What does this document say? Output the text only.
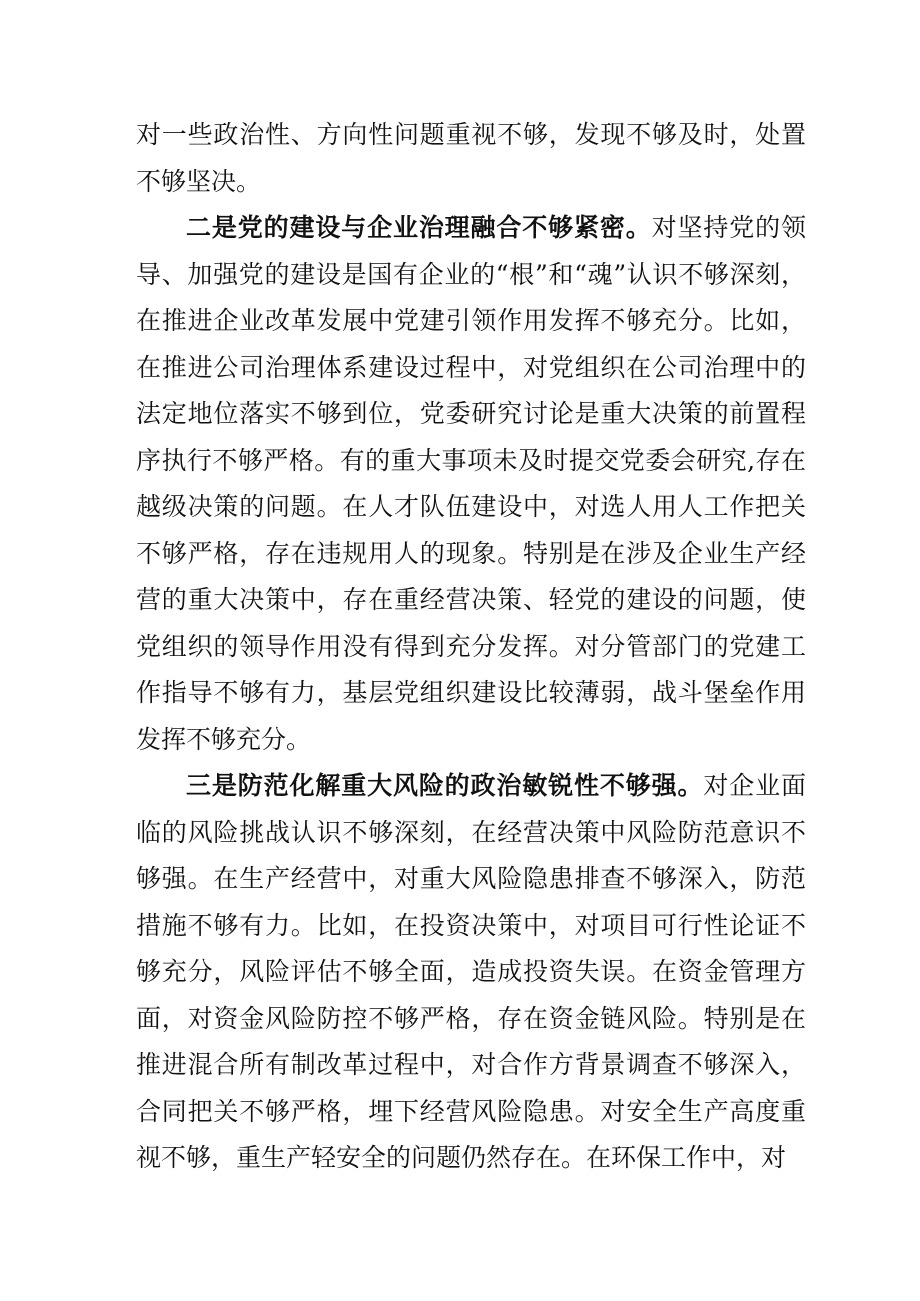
对一些政治性、方向性问题重视不够，发现不够及时，处置不够坚决。

二是党的建设与企业治理融合不够紧密。对坚持党的领导、加强党的建设是国有企业的“根”和“魂”认识不够深刻，在推进企业改革发展中党建引领作用发挥不够充分。比如，在推进公司治理体系建设过程中，对党组织在公司治理中的法定地位落实不够到位，党委研究讨论是重大决策的前置程序执行不够严格。有的重大事项未及时提交党委会研究,存在越级决策的问题。在人才队伍建设中，对选人用人工作把关不够严格，存在违规用人的现象。特别是在涉及企业生产经营的重大决策中，存在重经营决策、轻党的建设的问题，使党组织的领导作用没有得到充分发挥。对分管部门的党建工作指导不够有力，基层党组织建设比较薄弱，战斗堡垒作用发挥不够充分。

三是防范化解重大风险的政治敏锐性不够强。对企业面临的风险挑战认识不够深刻，在经营决策中风险防范意识不够强。在生产经营中，对重大风险隐患排查不够深入，防范措施不够有力。比如，在投资决策中，对项目可行性论证不够充分，风险评估不够全面，造成投资失误。在资金管理方面，对资金风险防控不够严格，存在资金链风险。特别是在推进混合所有制改革过程中，对合作方背景调查不够深入，合同把关不够严格，埋下经营风险隐患。对安全生产高度重视不够，重生产轻安全的问题仍然存在。在环保工作中，对
